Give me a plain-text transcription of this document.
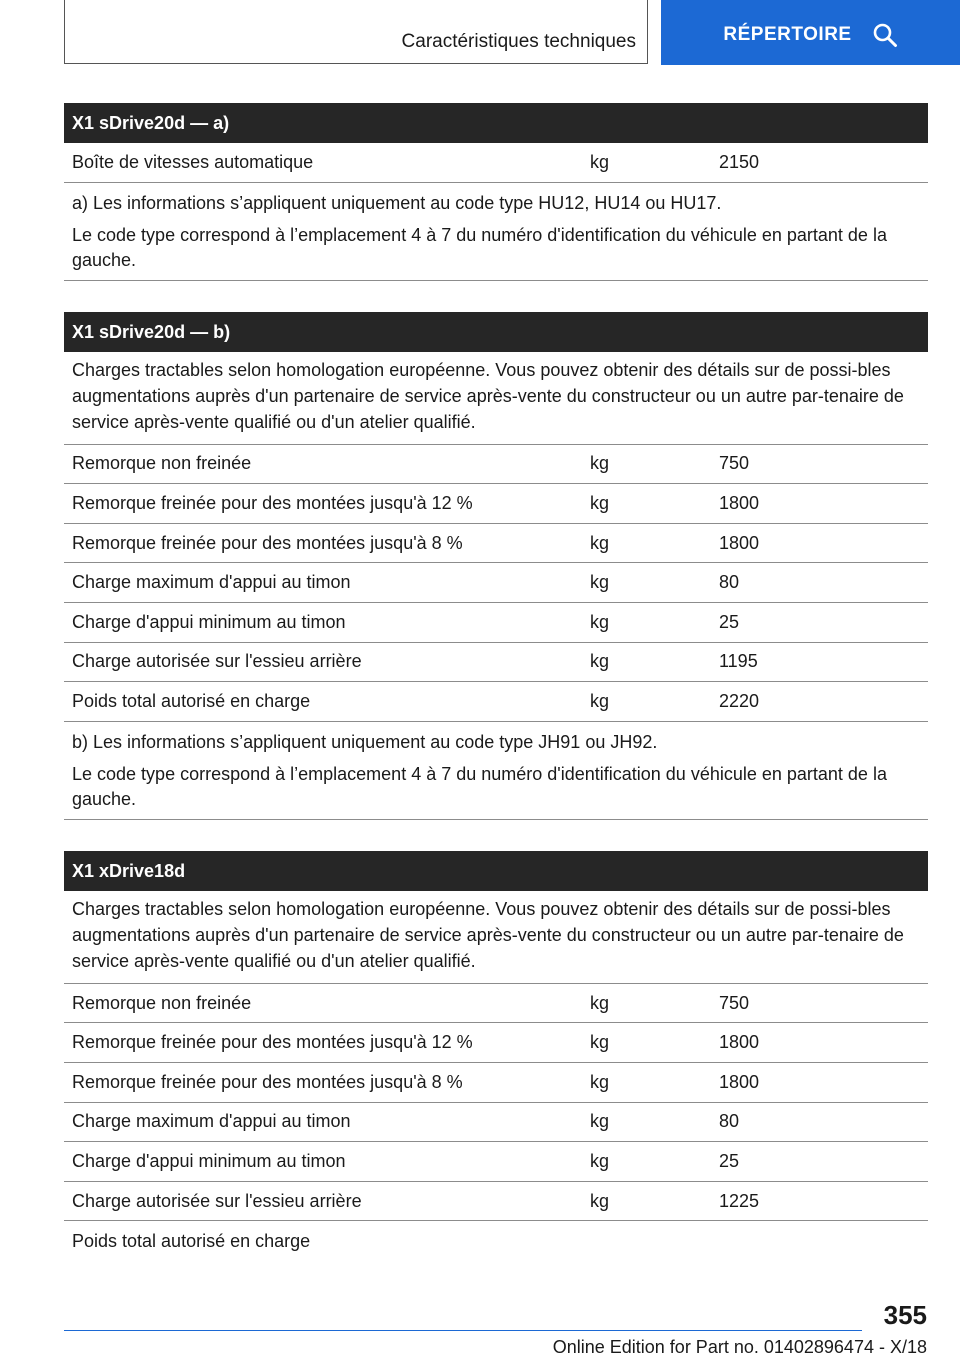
Caractéristiques techniques	RÉPERTOIRE
X1 sDrive20d — a)
Boîte de vitesses automatique	kg	2150

a) Les informations s’appliquent uniquement au code type HU12, HU14 ou HU17.

Le code type correspond à l’emplacement 4 à 7 du numéro d'identification du véhicule en partant de la gauche.

X1 sDrive20d — b)
Charges tractables selon homologation européenne. Vous pouvez obtenir des détails sur de possi-bles augmentations auprès d'un partenaire de service après-vente du constructeur ou un autre par-tenaire de service après-vente qualifié ou d'un atelier qualifié.
Remorque non freinée	kg	750
Remorque freinée pour des montées jusqu'à 12 %	kg	1800
Remorque freinée pour des montées jusqu'à 8 %	kg	1800
Charge maximum d'appui au timon	kg	80
Charge d'appui minimum au timon	kg	25
Charge autorisée sur l'essieu arrière	kg	1195
Poids total autorisé en charge	kg	2220

b) Les informations s’appliquent uniquement au code type JH91 ou JH92.

Le code type correspond à l’emplacement 4 à 7 du numéro d'identification du véhicule en partant de la gauche.

X1 xDrive18d
Charges tractables selon homologation européenne. Vous pouvez obtenir des détails sur de possi-bles augmentations auprès d'un partenaire de service après-vente du constructeur ou un autre par-tenaire de service après-vente qualifié ou d'un atelier qualifié.
Remorque non freinée	kg	750
Remorque freinée pour des montées jusqu'à 12 %	kg	1800
Remorque freinée pour des montées jusqu'à 8 %	kg	1800
Charge maximum d'appui au timon	kg	80
Charge d'appui minimum au timon	kg	25
Charge autorisée sur l'essieu arrière	kg	1225
Poids total autorisé en charge
355
Online Edition for Part no. 01402896474 - X/18
